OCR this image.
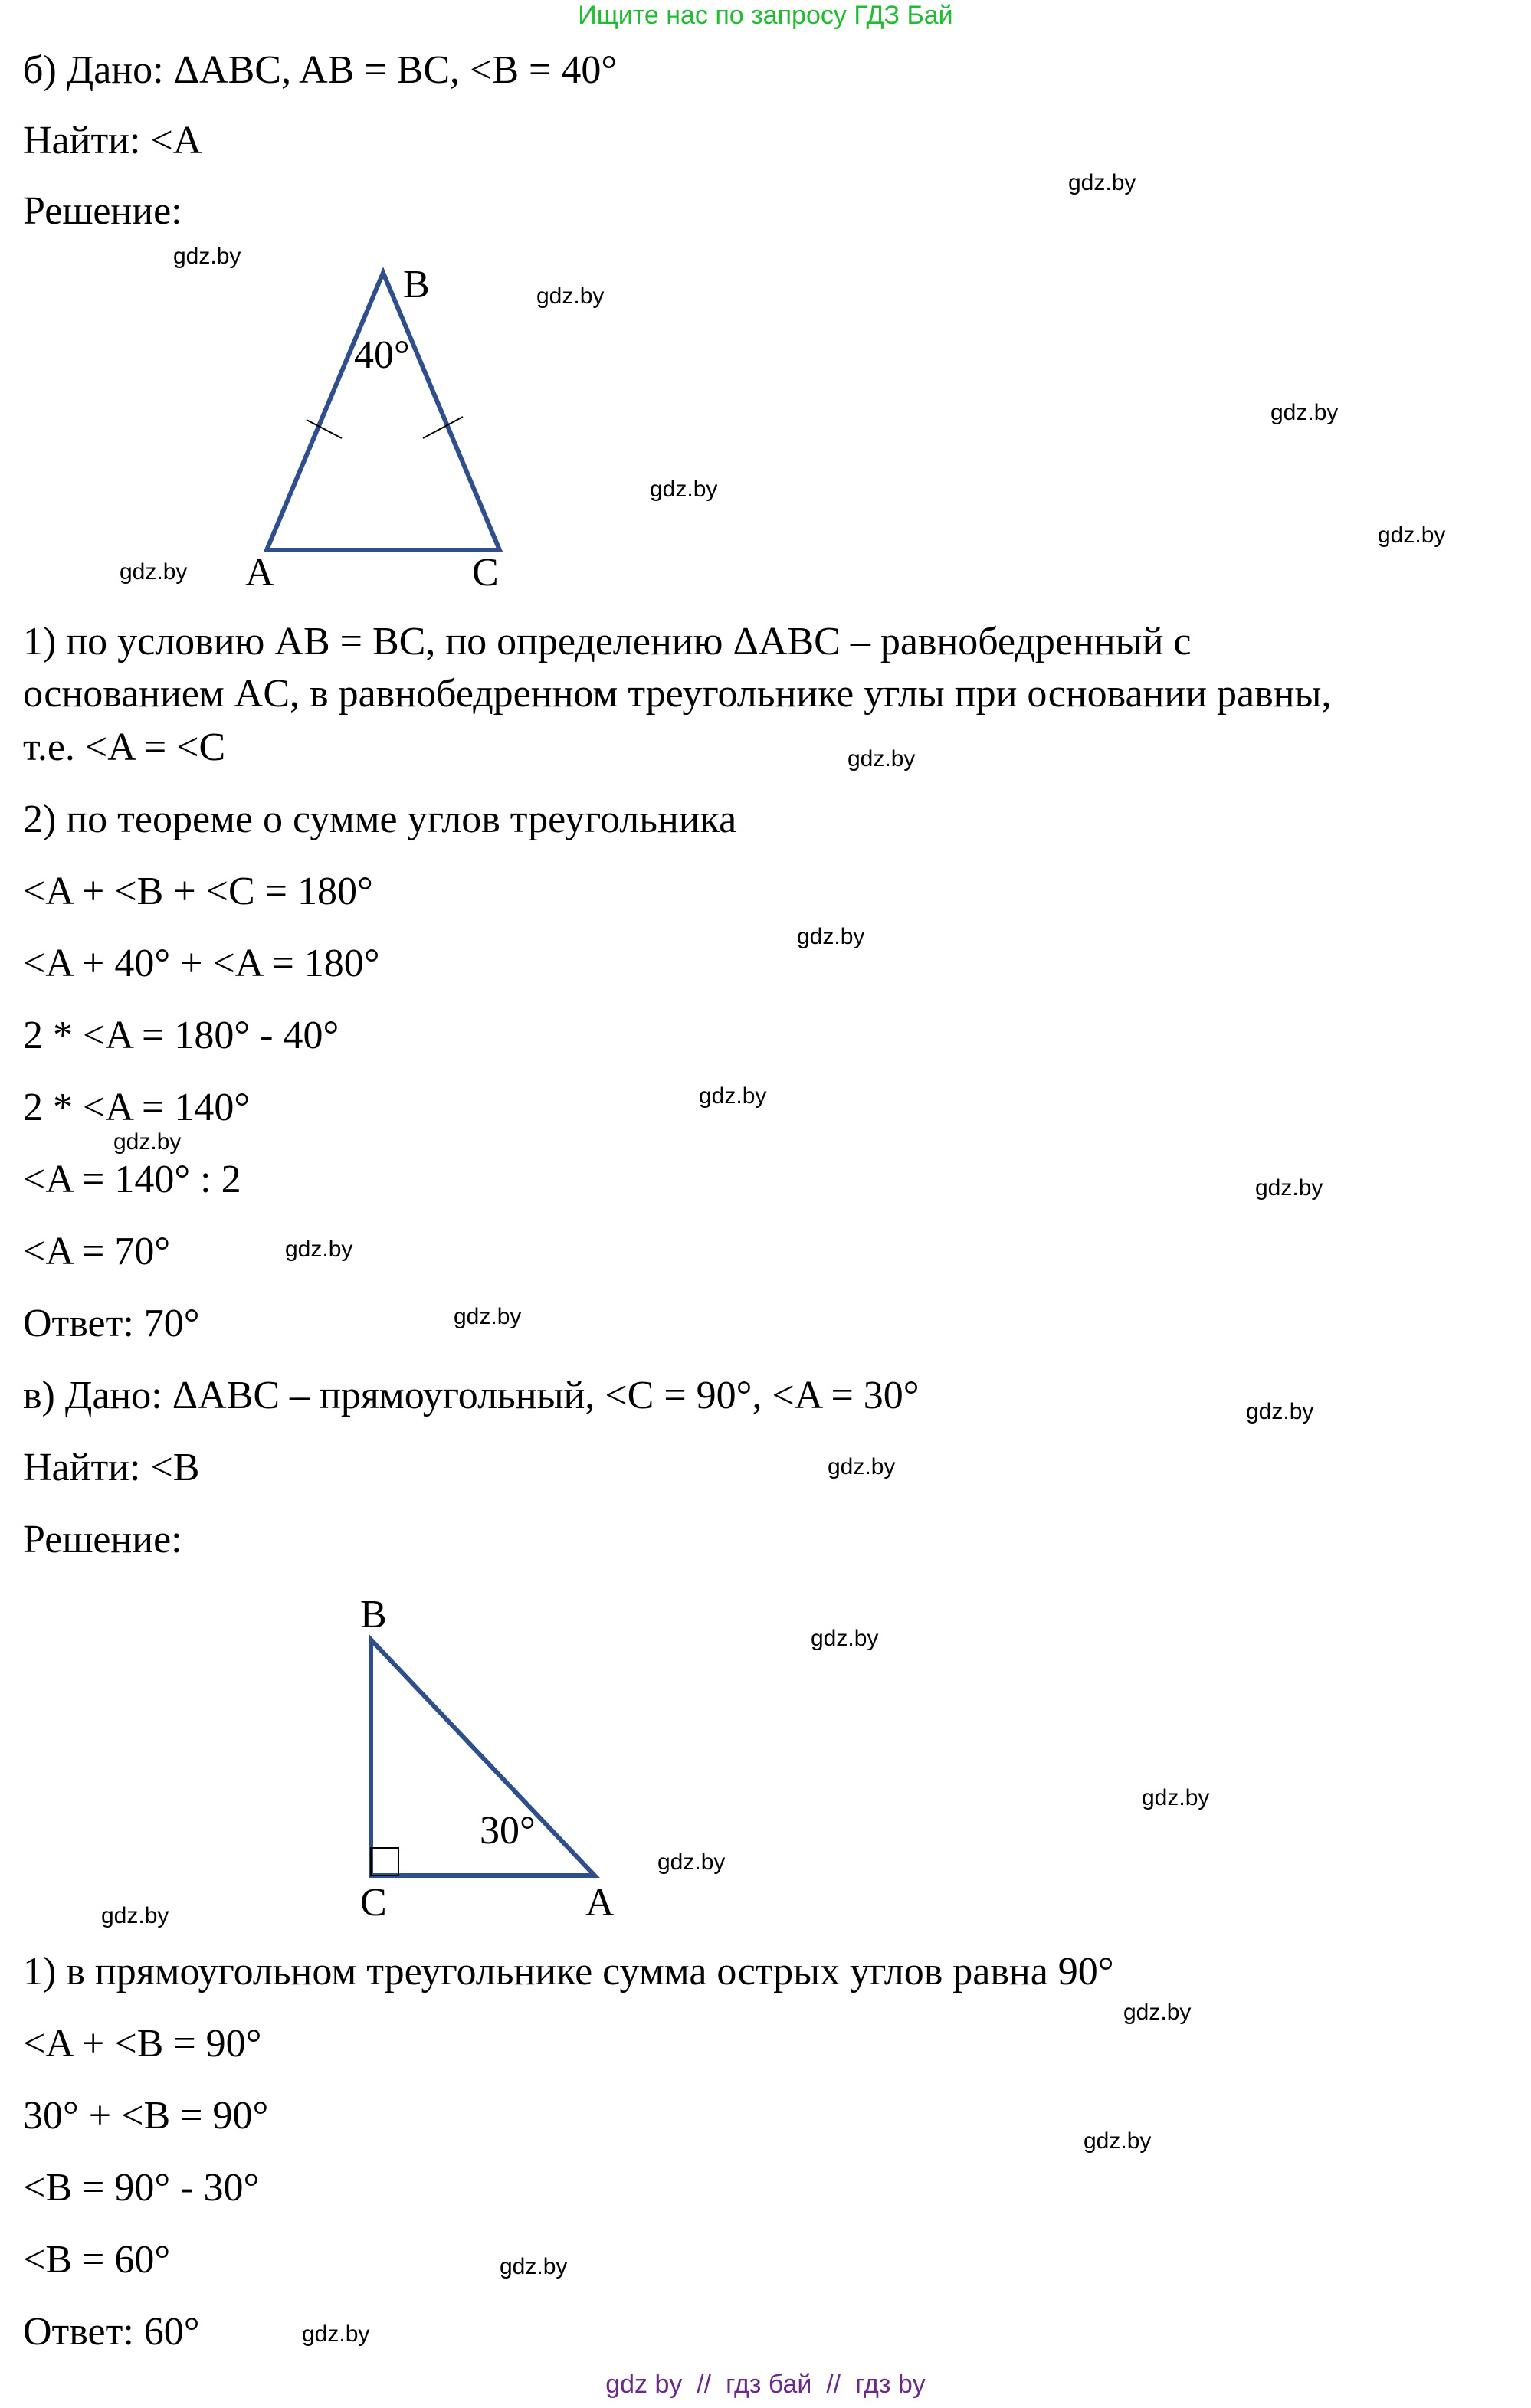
Ищите нас по запросу ГДЗ Бай
б) Дано: ΔABC, AB = BC, <B = 40°
Найти: <A
Решение:
B
40°
A	C
1) по условию AB = BC, по определению ΔABC – равнобедренный с
основанием AC, в равнобедренном треугольнике углы при основании равны,
т.е. <A = <C
2) по теореме о сумме углов треугольника
<A + <B + <C = 180°
<A + 40° + <A = 180°
2 * <A = 180° - 40°
2 * <A = 140°
<A = 140° : 2
<A = 70°
Ответ: 70°
в) Дано: ΔABC – прямоугольный, <C = 90°, <A = 30°
Найти: <B
Решение:
B
30°
C	A
1) в прямоугольном треугольнике сумма острых углов равна 90°
<A + <B = 90°
30° + <B = 90°
<B = 90° - 30°
<B = 60°
Ответ: 60°
gdz.by
gdz.by
gdz.by
gdz.by
gdz.by
gdz.by
gdz.by
gdz.by
gdz.by
gdz.by
gdz.by
gdz.by
gdz.by
gdz.by
gdz.by
gdz.by
gdz.by
gdz.by
gdz.by
gdz.by
gdz.by
gdz.by
gdz.by
gdz.by
gdz by  //  гдз бай  //  гдз by
